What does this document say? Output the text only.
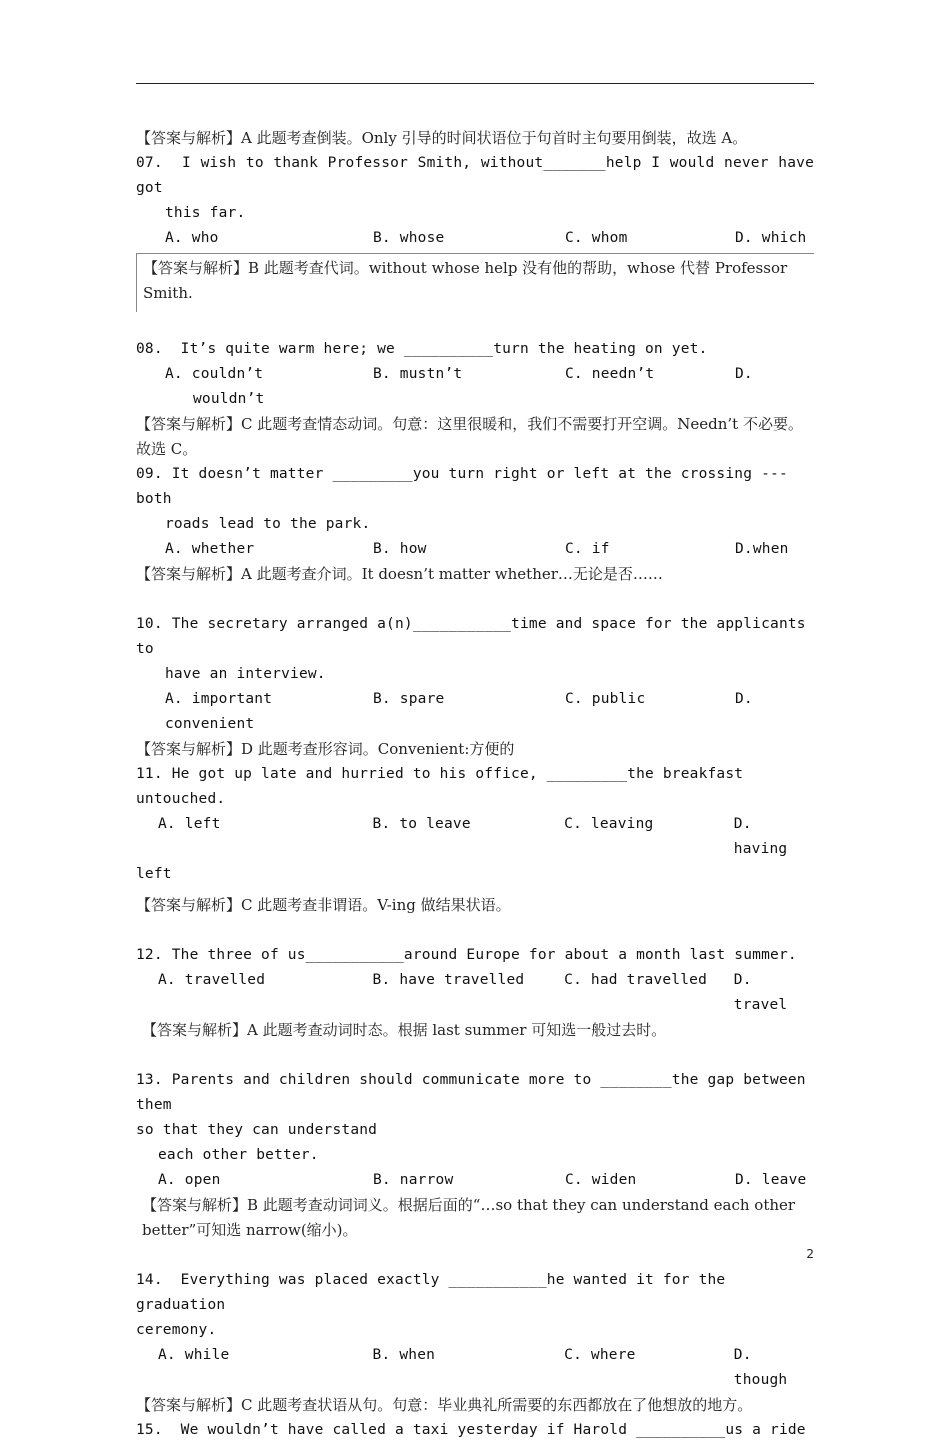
【答案与解析】A 此题考查倒装。Only 引导的时间状语位于句首时主句要用倒装，故选 A。
07.  I wish to thank Professor Smith, without_______help I would never have got
this far.
A. who	B. whose	C. whom	D. which
【答案与解析】B 此题考查代词。without whose help 没有他的帮助，whose 代替 Professor Smith.
08.  It’s quite warm here; we __________turn the heating on yet.
A. couldn’t	B. mustn’t	C. needn’t	D.
wouldn’t
【答案与解析】C 此题考查情态动词。句意：这里很暖和，我们不需要打开空调。Needn’t 不必要。故选 C。
09. It doesn’t matter _________you turn right or left at the crossing ---both
roads lead to the park.
A. whether	B. how	C. if	D.when
【答案与解析】A 此题考查介词。It doesn’t matter whether…无论是否……
10. The secretary arranged a(n)___________time and space for the applicants to
have an interview.
A. important	B. spare	C. public	D.
convenient
【答案与解析】D 此题考查形容词。Convenient:方便的
11. He got up late and hurried to his office, _________the breakfast untouched.
A. left	B. to leave	C. leaving	D. having
left
【答案与解析】C 此题考查非谓语。V-ing 做结果状语。
12. The three of us___________around Europe for about a month last summer.
A. travelled	B. have travelled	C. had travelled	D. travel
【答案与解析】A 此题考查动词时态。根据 last summer 可知选一般过去时。
13. Parents and children should communicate more to ________the gap between them
so that they can understand
each other better.
A. open	B. narrow	C. widen	D. leave
【答案与解析】B 此题考查动词词义。根据后面的“…so that they can understand each other better”可知选 narrow(缩小)。
14.  Everything was placed exactly ___________he wanted it for the graduation
ceremony.
A. while	B. when	C. where	D. though
【答案与解析】C 此题考查状语从句。句意：毕业典礼所需要的东西都放在了他想放的地方。
15.  We wouldn’t have called a taxi yesterday if Harold __________us a ride
2
